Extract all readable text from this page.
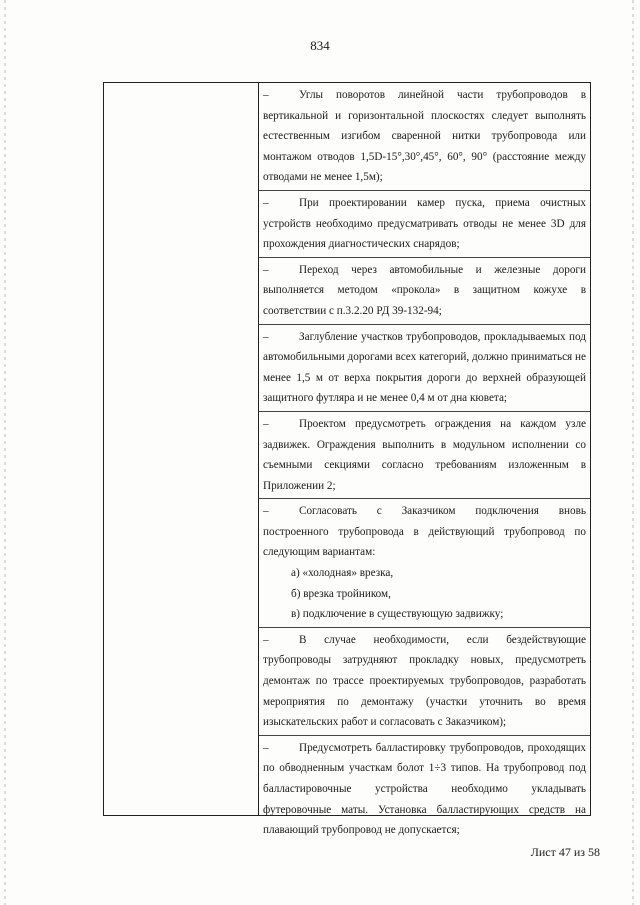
834
–	Углы поворотов линейной части трубопроводов в вертикальной и горизонтальной плоскостях следует выполнять естественным изгибом сваренной нитки трубопровода или монтажом отводов 1,5D-15°,30°,45°, 60°, 90° (расстояние между отводами не менее 1,5м);
–	При проектировании камер пуска, приема очистных устройств необходимо предусматривать отводы не менее 3D для прохождения диагностических снарядов;
–	Переход через автомобильные и железные дороги выполняется методом «прокола» в защитном кожухе в соответствии с п.3.2.20 РД 39-132-94;
–	Заглубление участков трубопроводов, прокладываемых под автомобильными дорогами всех категорий, должно приниматься не менее 1,5 м от верха покрытия дороги до верхней образующей защитного футляра и не менее 0,4 м от дна кювета;
–	Проектом предусмотреть ограждения на каждом узле задвижек. Ограждения выполнить в модульном исполнении со съемными секциями согласно требованиям изложенным в Приложении 2;
–	Согласовать с Заказчиком подключения вновь построенного трубопровода в действующий трубопровод по следующим вариантам:
а) «холодная» врезка,
б) врезка тройником,
в) подключение в существующую задвижку;
–	В случае необходимости, если бездействующие трубопроводы затрудняют прокладку новых, предусмотреть демонтаж по трассе проектируемых трубопроводов, разработать мероприятия по демонтажу (участки уточнить во время изыскательских работ и согласовать с Заказчиком);
–	Предусмотреть балластировку трубопроводов, проходящих по обводненным участкам болот 1÷3 типов. На трубопровод под балластировочные устройства необходимо укладывать футеровочные маты. Установка балластирующих средств на плавающий трубопровод не допускается;
Лист 47 из 58
